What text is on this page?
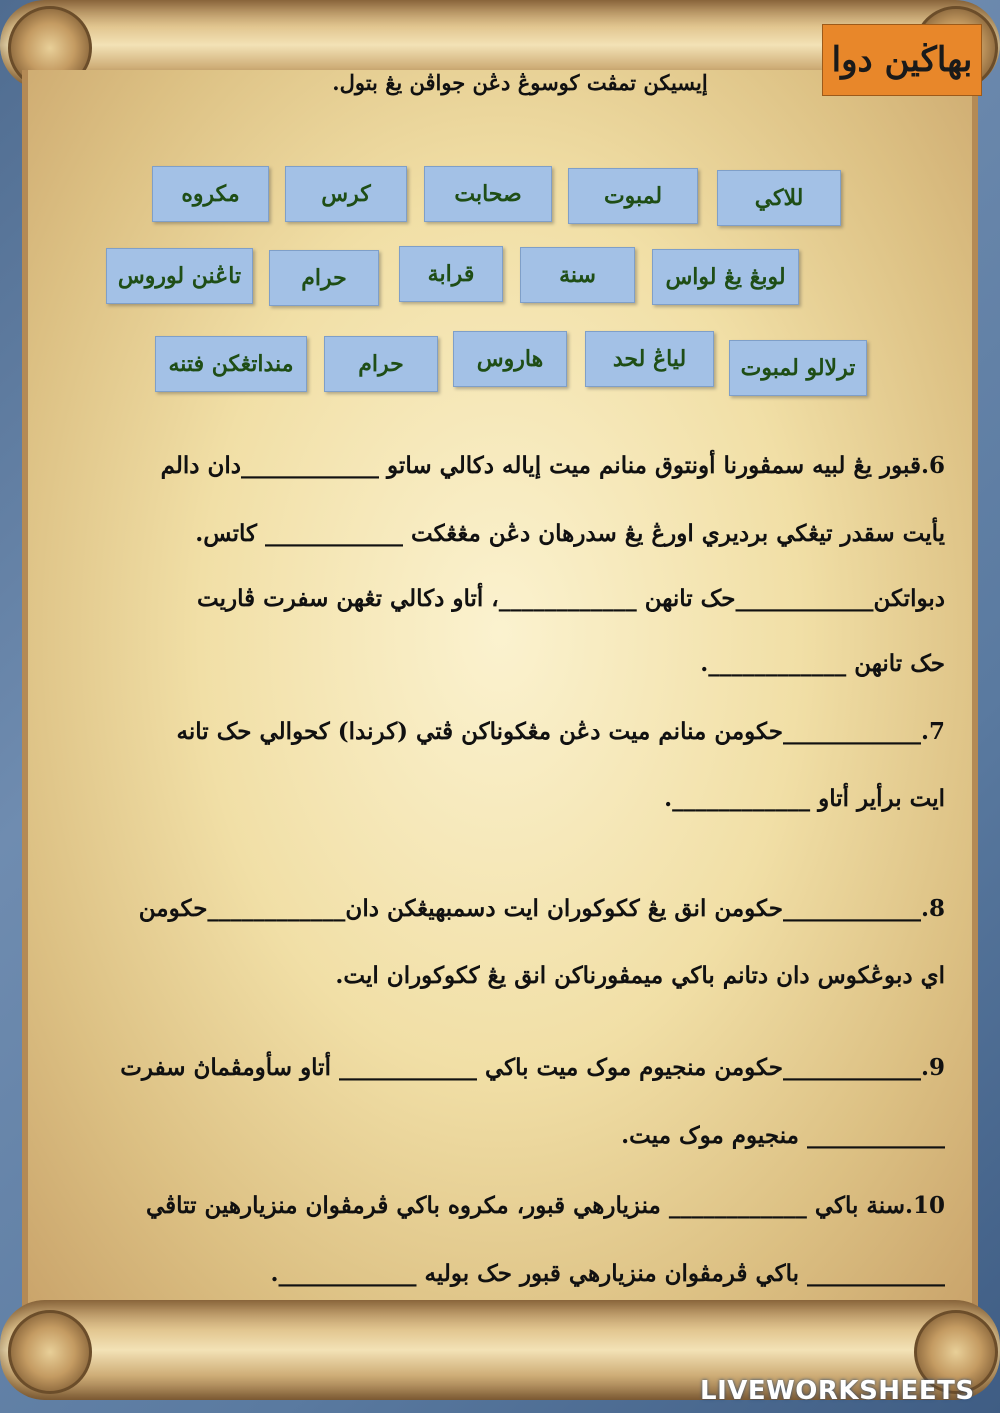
بهاڬين دوا
إيسيکن تمڤت کوسوڠ دڠن جواڤن يڠ بتول.
مکروه	کرس	صحابت	لمبوت	للاکي
تاڠنن لوروس	حرام	قرابة	سنة	لوبڠ يڠ لواس
منداتڠکن فتنه	حرام	هاروس	لياڠ لحد	ترلالو لمبوت
6.قبور يڠ لبيه سمڤورنا أونتوق منانم ميت إياله دکالي ساتو ____________دان دالم
يأيت سقدر تيڠکي برديري اورڠ يڠ سدرهان دڠن مڠڠکت ____________ کاتس.
دبواتکن____________حک تانهن ____________، أتاو دکالي تڠهن سفرت ڤاريت
حک تانهن ____________.
7.____________حکومن منانم ميت دڠن مڠکوناکن ڤتي (کرندا) کحوالي حک تانه
ايت برأير أتاو ____________.
8.____________حکومن انق يڠ ککوکوران ايت دسمبهيڠکن دان____________حکومن
اي دبوڠکوس دان دتانم باکي ميمڤورناکن انق يڠ ککوکوران ايت.
9.____________حکومن منجيوم موک ميت باکي ____________ أتاو سأومڤماڽ سفرت
____________ منجيوم موک ميت.
10.سنة باکي ____________ منزيارهي قبور، مکروه باکي ڤرمڤوان منزيارهين تتاڤي
____________ باکي ڤرمڤوان منزيارهي قبور حک بوليه ____________.
LIVEWORKSHEETS
